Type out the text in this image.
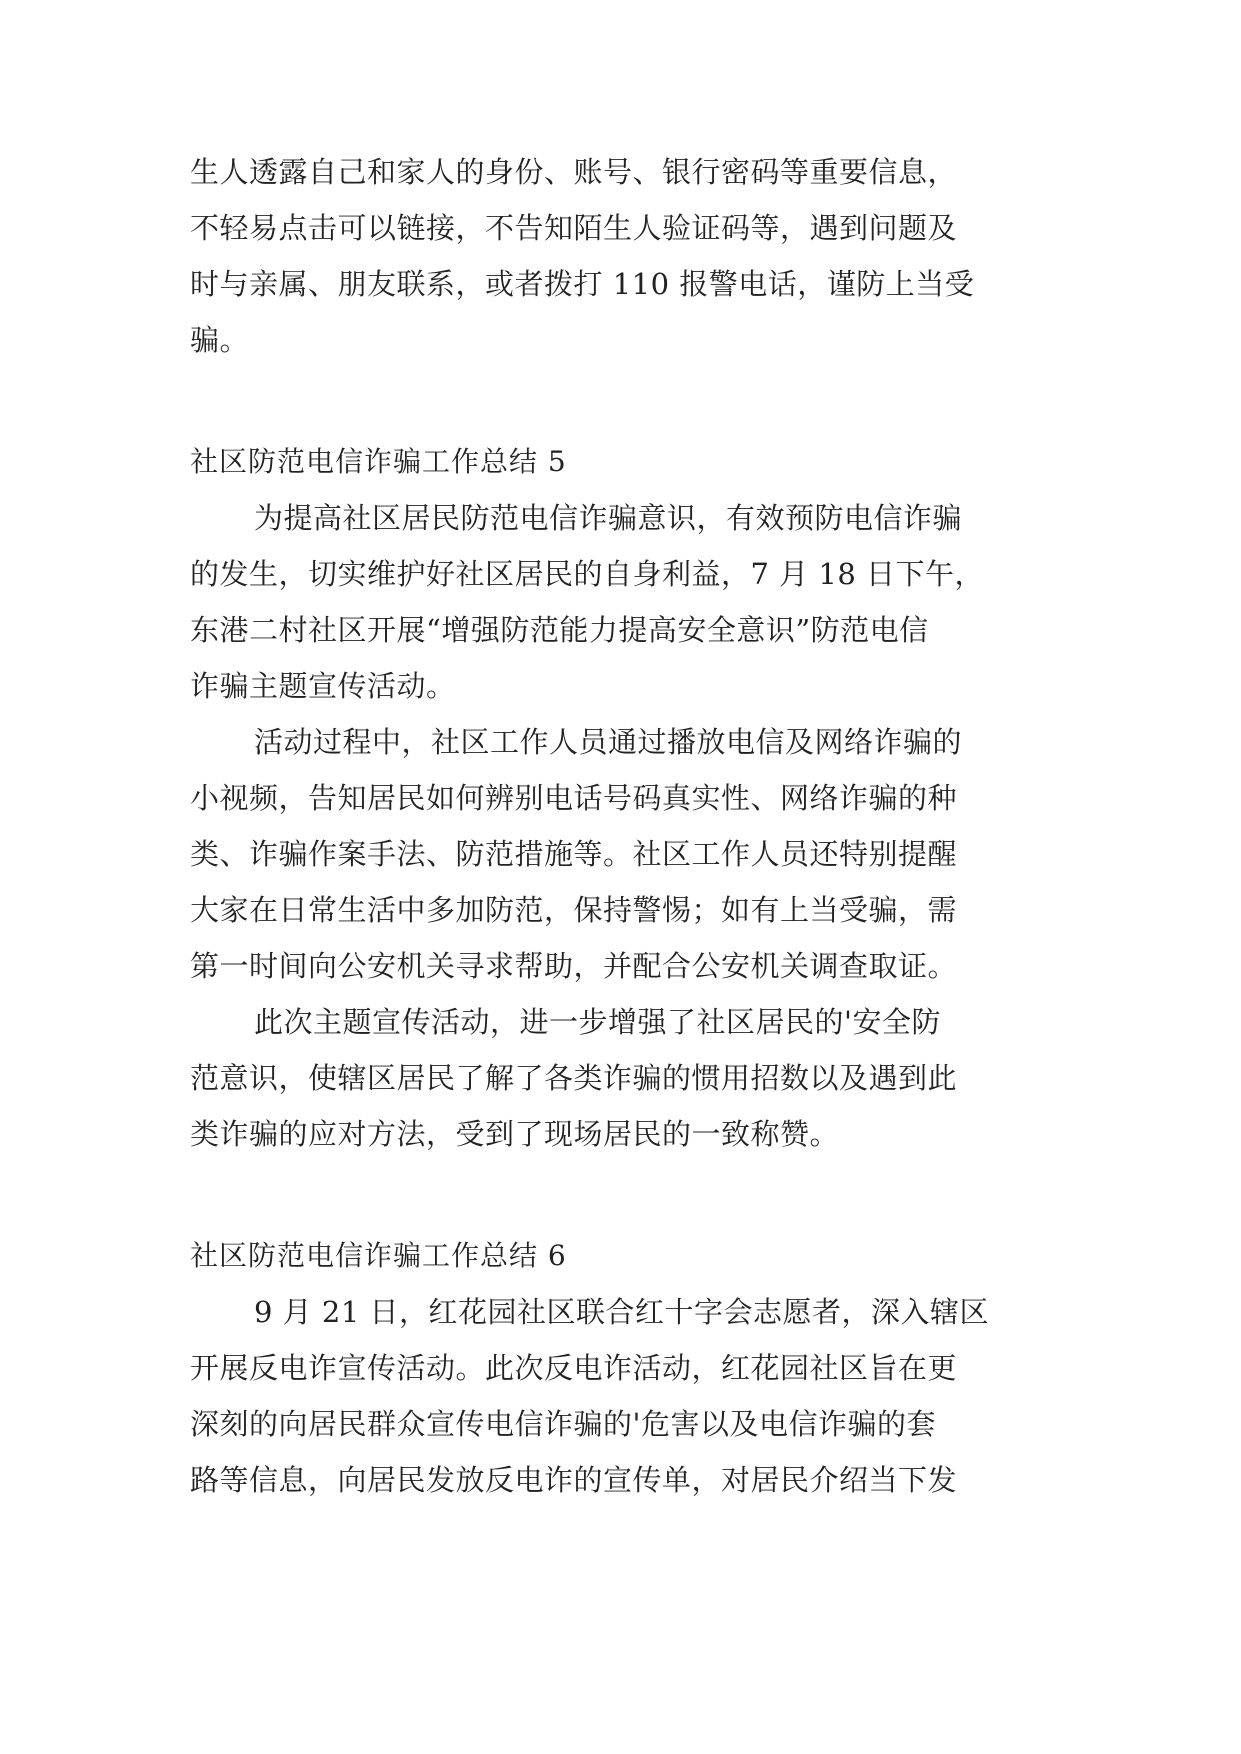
生人透露自己和家人的身份、账号、银行密码等重要信息，
不轻易点击可以链接，不告知陌生人验证码等，遇到问题及
时与亲属、朋友联系，或者拨打 110 报警电话，谨防上当受
骗。
社区防范电信诈骗工作总结 5
为提高社区居民防范电信诈骗意识，有效预防电信诈骗
的发生，切实维护好社区居民的自身利益，7 月 18 日下午，
东港二村社区开展“增强防范能力提高安全意识”防范电信
诈骗主题宣传活动。
活动过程中，社区工作人员通过播放电信及网络诈骗的
小视频，告知居民如何辨别电话号码真实性、网络诈骗的种
类、诈骗作案手法、防范措施等。社区工作人员还特别提醒
大家在日常生活中多加防范，保持警惕；如有上当受骗，需
第一时间向公安机关寻求帮助，并配合公安机关调查取证。
此次主题宣传活动，进一步增强了社区居民的'安全防
范意识，使辖区居民了解了各类诈骗的惯用招数以及遇到此
类诈骗的应对方法，受到了现场居民的一致称赞。
社区防范电信诈骗工作总结 6
9 月 21 日，红花园社区联合红十字会志愿者，深入辖区
开展反电诈宣传活动。此次反电诈活动，红花园社区旨在更
深刻的向居民群众宣传电信诈骗的'危害以及电信诈骗的套
路等信息，向居民发放反电诈的宣传单，对居民介绍当下发
